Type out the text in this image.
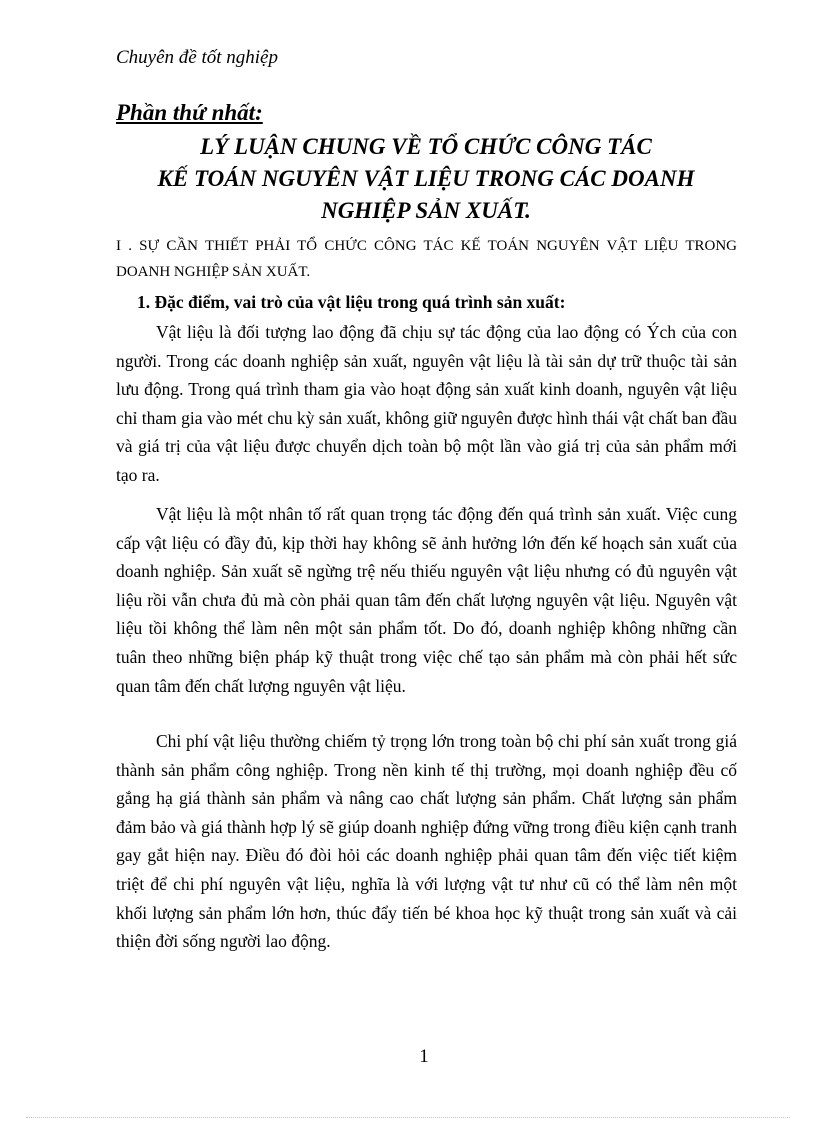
Chuyên đề tốt nghiệp
Phần thứ nhất:
LÝ LUẬN CHUNG VỀ TỔ CHỨC CÔNG TÁC
KẾ TOÁN NGUYÊN VẬT LIỆU TRONG CÁC DOANH
NGHIỆP SẢN XUẤT.
I . SỰ CẦN THIẾT PHẢI TỔ CHỨC CÔNG TÁC KẾ TOÁN NGUYÊN VẬT LIỆU TRONG DOANH NGHIỆP SẢN XUẤT.
1. Đặc điểm, vai trò của vật liệu trong quá trình sản xuất:

Vật liệu là đối tượng lao động đã chịu sự tác động của lao động có Ých của con người. Trong các doanh nghiệp sản xuất, nguyên vật liệu là tài sản dự trữ thuộc tài sản lưu động. Trong quá trình tham gia vào hoạt động sản xuất kinh doanh, nguyên vật liệu chỉ tham gia vào mét chu kỳ sản xuất, không giữ nguyên được hình thái vật chất ban đầu và giá trị của vật liệu được chuyển dịch toàn bộ một lần vào giá trị của sản phẩm mới tạo ra.

Vật liệu là một nhân tố rất quan trọng tác động đến quá trình sản xuất. Việc cung cấp vật liệu có đầy đủ, kịp thời hay không sẽ ảnh hưởng lớn đến kế hoạch sản xuất của doanh nghiệp. Sản xuất sẽ ngừng trệ nếu thiếu nguyên vật liệu nhưng có đủ nguyên vật liệu rồi vẫn chưa đủ mà còn phải quan tâm đến chất lượng nguyên vật liệu. Nguyên vật liệu tồi không thể làm nên một sản phẩm tốt. Do đó, doanh nghiệp không những cần tuân theo những biện pháp kỹ thuật trong việc chế tạo sản phẩm mà còn phải hết sức quan tâm đến chất lượng nguyên vật liệu.

Chi phí vật liệu thường chiếm tỷ trọng lớn trong toàn bộ chi phí sản xuất trong giá thành sản phẩm công nghiệp. Trong nền kinh tế thị trường, mọi doanh nghiệp đều cố gắng hạ giá thành sản phẩm và nâng cao chất lượng sản phẩm. Chất lượng sản phẩm đảm bảo và giá thành hợp lý sẽ giúp doanh nghiệp đứng vững trong điều kiện cạnh tranh gay gắt hiện nay. Điều đó đòi hỏi các doanh nghiệp phải quan tâm đến việc tiết kiệm triệt để chi phí nguyên vật liệu, nghĩa là với lượng vật tư như cũ có thể làm nên một khối lượng sản phẩm lớn hơn, thúc đẩy tiến bé khoa học kỹ thuật trong sản xuất và cải thiện đời sống người lao động.

1
